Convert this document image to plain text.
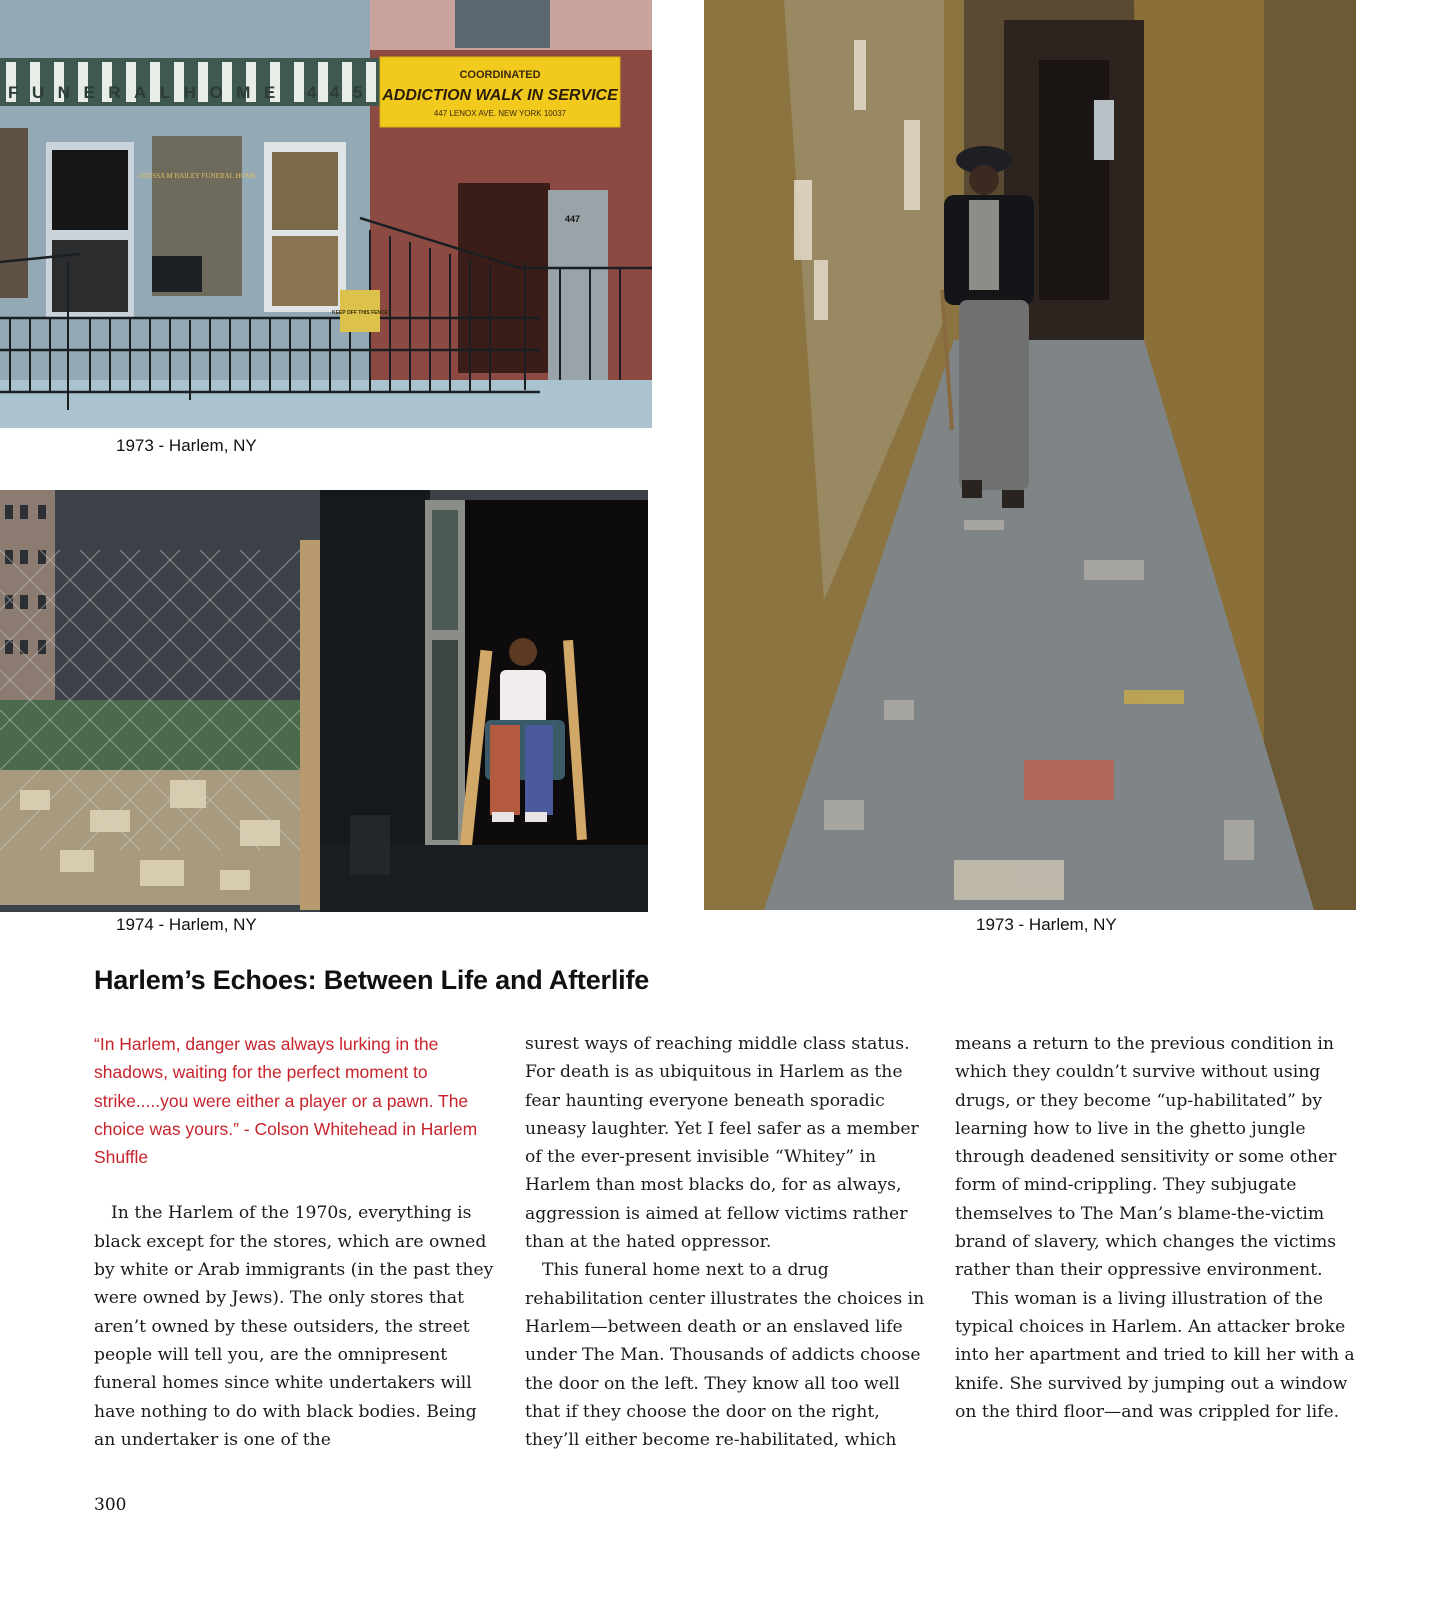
FUNERALHOME 445
COORDINATED
ADDICTION WALK IN SERVICE
447 LENOX AVE. NEW YORK 10037
ODESSA M BAILEY FUNERAL HOME
447
KEEP OFF THIS FENCE
1973 - Harlem, NY
1974 - Harlem, NY	1973 - Harlem, NY
Harlem’s Echoes: Between Life and Afterlife

“In Harlem, danger was always lurking in the shadows, waiting for the perfect moment to strike.....you were either a player or a pawn. The choice was yours.” - Colson Whitehead in Harlem Shuffle

In the Harlem of the 1970s, everything is black except for the stores, which are owned by white or Arab immigrants (in the past they were owned by Jews). The only stores that aren’t owned by these outsiders, the street people will tell you, are the omnipresent funeral homes since white undertakers will have nothing to do with black bodies. Being an undertaker is one of the

surest ways of reaching middle class status. For death is as ubiquitous in Harlem as the fear haunting everyone beneath sporadic uneasy laughter. Yet I feel safer as a member of the ever-present invisible “Whitey” in Harlem than most blacks do, for as always, aggression is aimed at fellow victims rather than at the hated oppressor.

This funeral home next to a drug rehabilitation center illustrates the choices in Harlem—between death or an enslaved life under The Man. Thousands of addicts choose the door on the left. They know all too well that if they choose the door on the right, they’ll either become re-habilitated, which

means a return to the previous condition in which they couldn’t survive without using drugs, or they become “up-habilitated” by learning how to live in the ghetto jungle through deadened sensitivity or some other form of mind-crippling. They subjugate themselves to The Man’s blame-the-victim brand of slavery, which changes the victims rather than their oppressive environment.

This woman is a living illustration of the typical choices in Harlem. An attacker broke into her apartment and tried to kill her with a knife. She survived by jumping out a window on the third floor—and was crippled for life.

300
